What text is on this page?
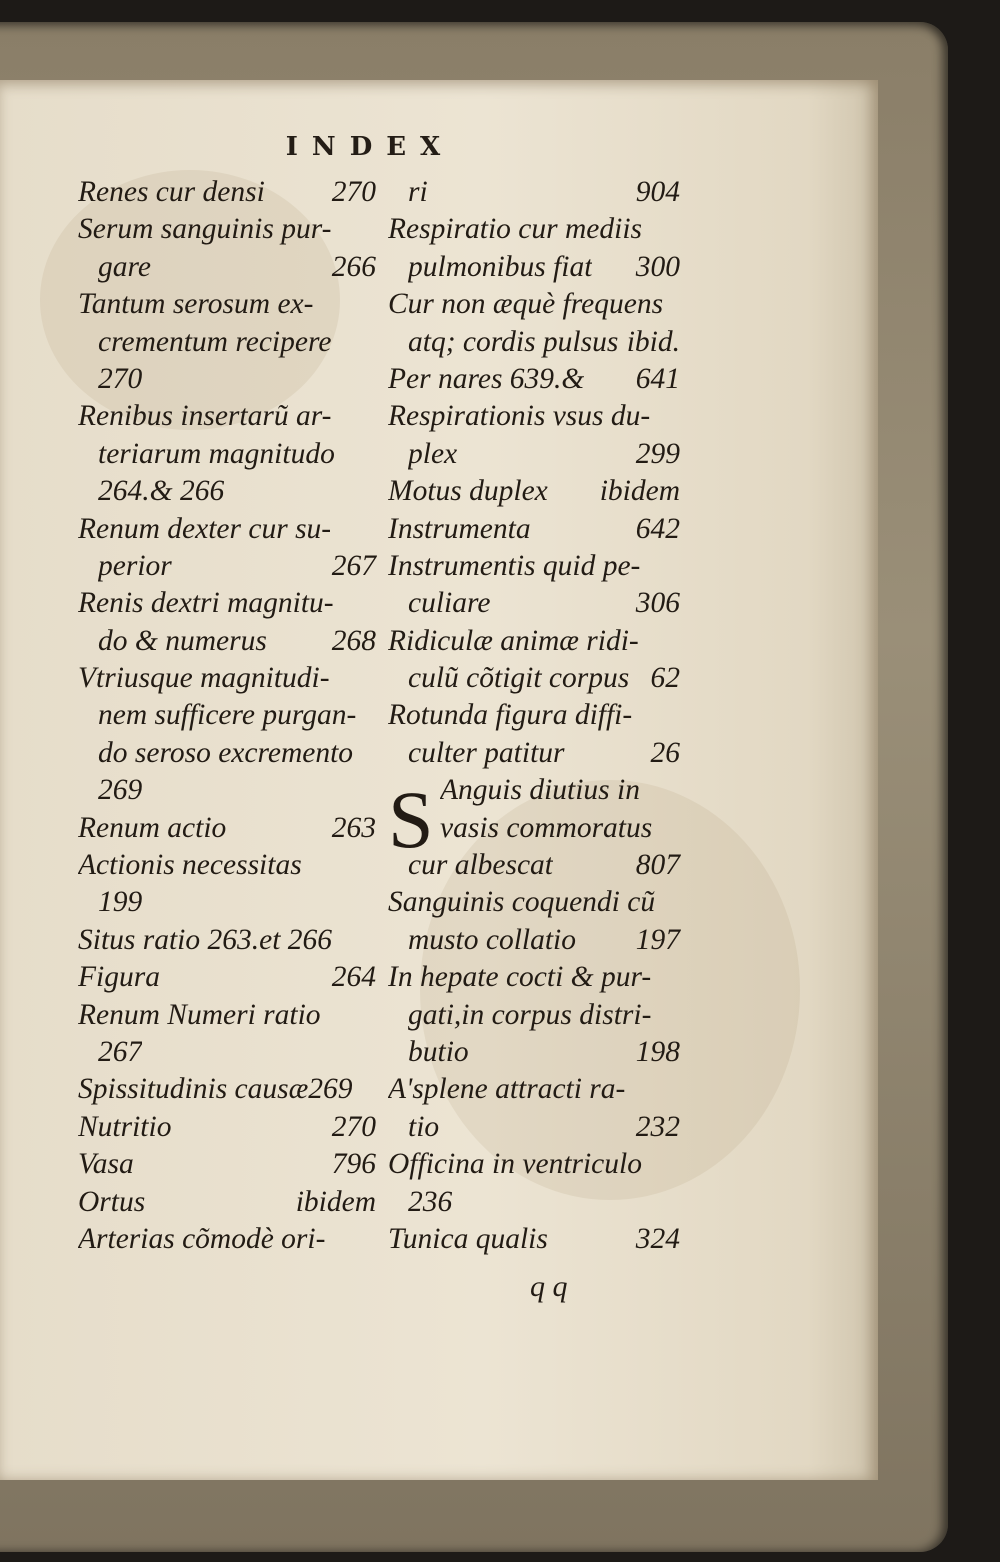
INDEX
Renes cur densi 270
Serum sanguinis pur-
gare	266
Tantum serosum ex-
crementum recipere
270
Renibus insertarũ ar-
teriarum magnitudo
264.& 266
Renum dexter cur su-
perior	267
Renis dextri magnitu-
do & numerus 268
Vtriusque magnitudi-
nem sufficere purgan-
do seroso excremento
269
Renum actio	263
Actionis necessitas
199
Situs ratio 263.et 266
Figura	264
Renum Numeri ratio
267
Spissitudinis causæ269
Nutritio	270
Vasa	796
Ortus	ibidem
Arterias cõmodè ori-
ri	904
Respiratio cur mediis
pulmonibus fiat 300
Cur non æquè frequens
atq; cordis pulsus ibid.
Per nares 639.& 641
Respirationis vsus du-
plex	299
Motus duplex ibidem
Instrumenta	642
Instrumentis quid pe-
culiare	306
Ridiculæ animæ ridi-
culũ cõtigit corpus 62
Rotunda figura diffi-
culter patitur	26
Anguis diutius in
vasis commoratus
cur albescat	807
Sanguinis coquendi cũ
musto collatio 197
In hepate cocti & pur-
gati,in corpus distri-
butio	198
A'splene attracti ra-
tio	232
Officina in ventriculo
236
Tunica qualis	324
S
q q
